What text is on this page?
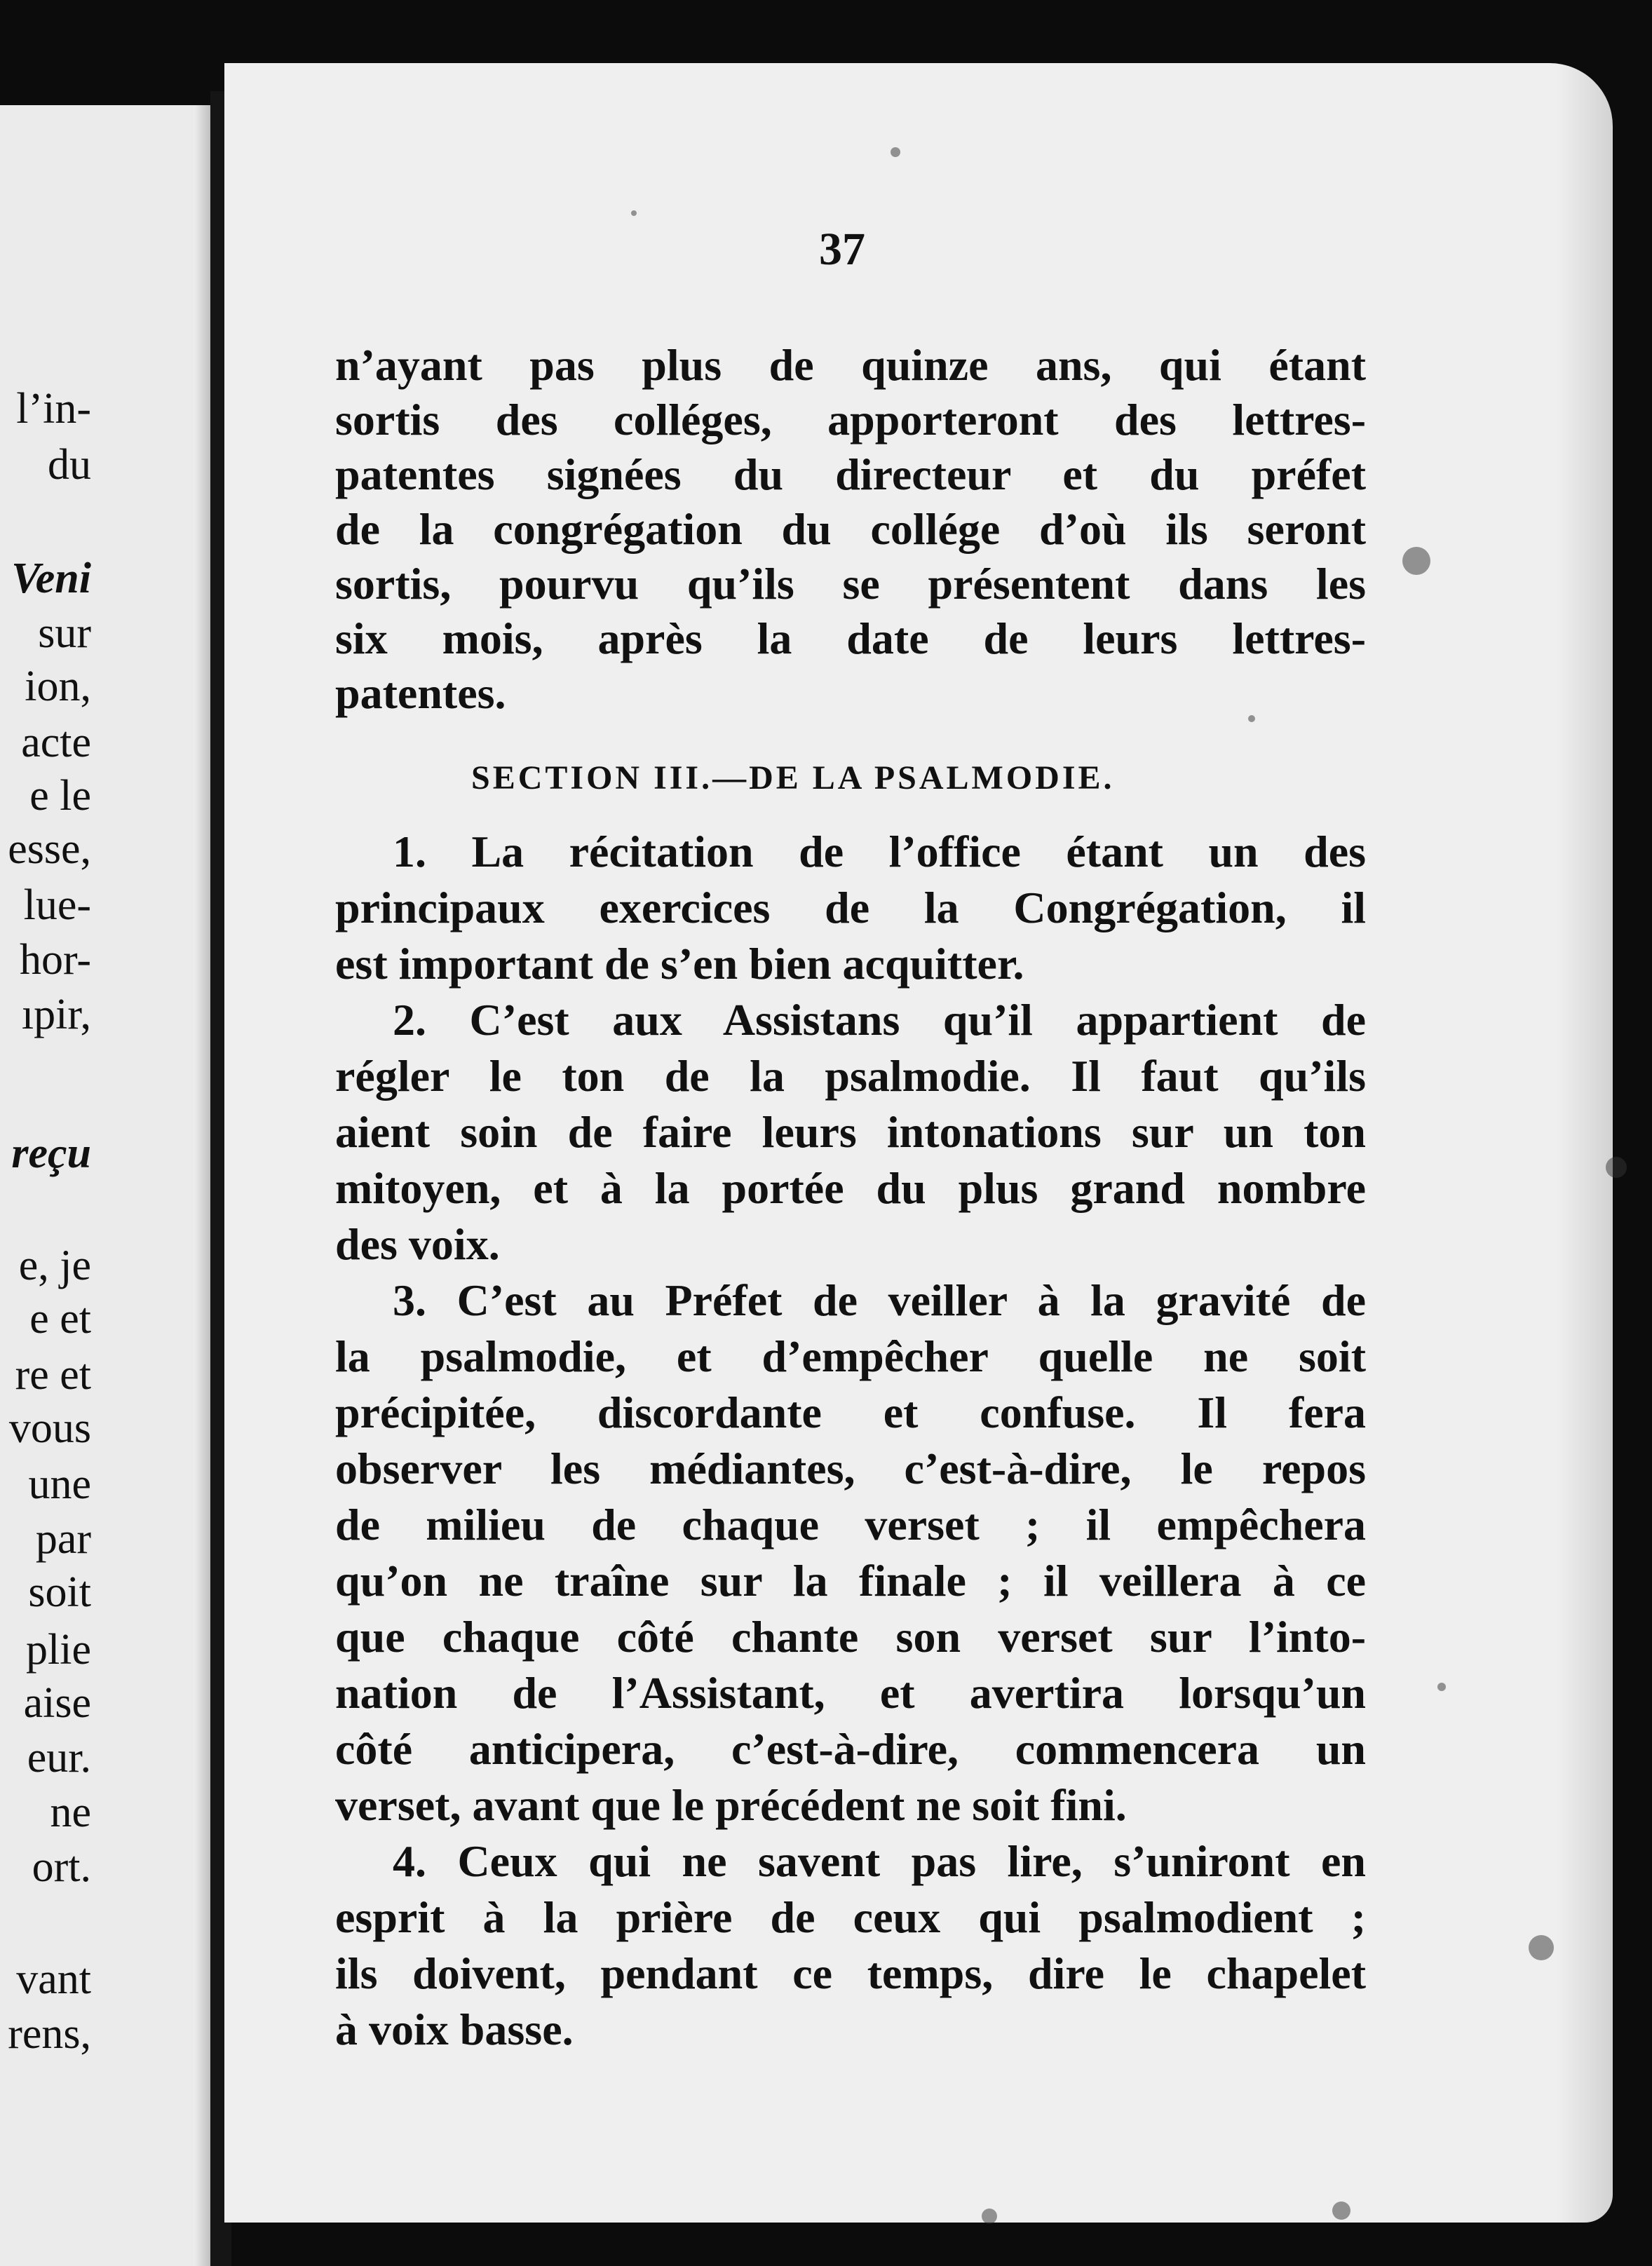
l’in-
du
Veni
sur
ion,
acte
e le
esse,
lue-
hor-
ıpir,
reçu
e, je
e et
re et
vous
une
par
soit
plie
aise
eur.
ne
ort.
vant
rens,
37
n’ayant pas plus de quinze ans, qui étant
sortis des colléges, apporteront des lettres-
patentes signées du directeur et du préfet
de la congrégation du collége d’où ils seront
sortis, pourvu qu’ils se présentent dans les
six mois, après la date de leurs lettres-
patentes.
SECTION III.—DE LA PSALMODIE.
1. La récitation de l’office étant un des
principaux exercices de la Congrégation, il
est important de s’en bien acquitter.
2. C’est aux Assistans qu’il appartient de
régler le ton de la psalmodie. Il faut qu’ils
aient soin de faire leurs intonations sur un ton
mitoyen, et à la portée du plus grand nombre
des voix.
3. C’est au Préfet de veiller à la gravité de
la psalmodie, et d’empêcher quelle ne soit
précipitée, discordante et confuse. Il fera
observer les médiantes, c’est-à-dire, le repos
de milieu de chaque verset ; il empêchera
qu’on ne traîne sur la finale ; il veillera à ce
que chaque côté chante son verset sur l’into-
nation de l’Assistant, et avertira lorsqu’un
côté anticipera, c’est-à-dire, commencera un
verset, avant que le précédent ne soit fini.
4. Ceux qui ne savent pas lire, s’uniront en
esprit à la prière de ceux qui psalmodient ;
ils doivent, pendant ce temps, dire le chapelet
à voix basse.
